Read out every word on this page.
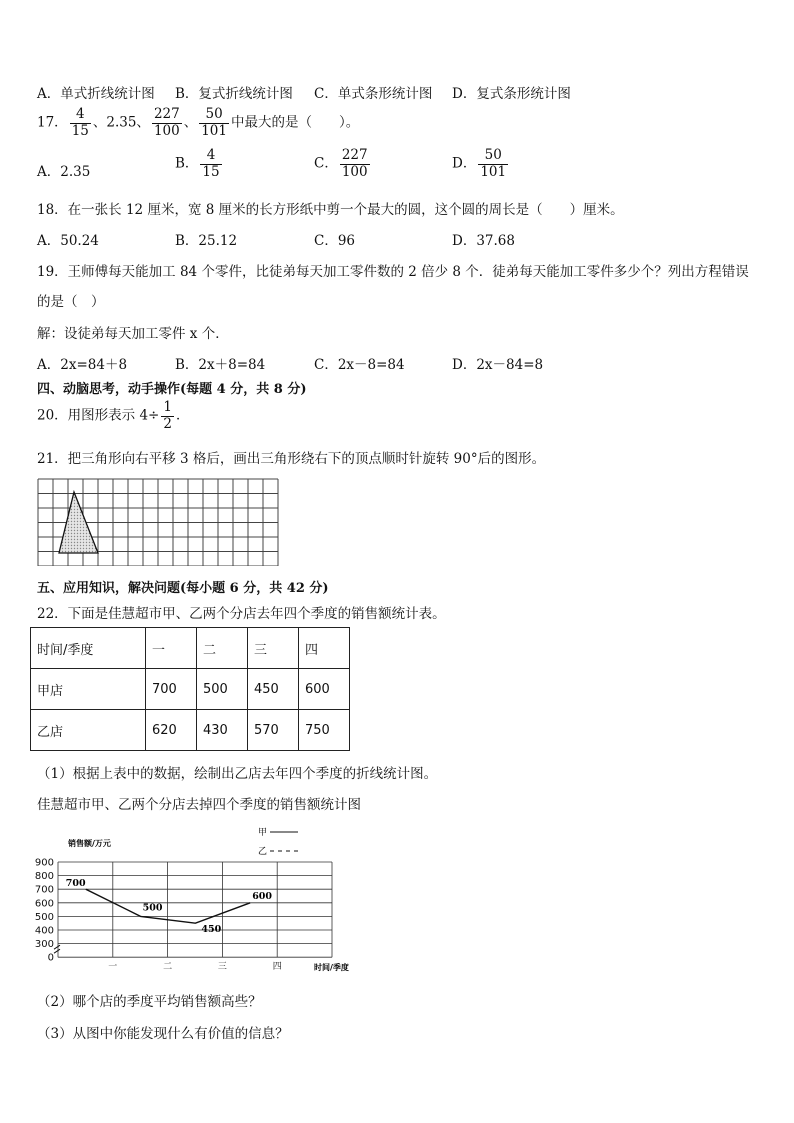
A．单式折线统计图 B．复式折线统计图 C．单式条形统计图 D．复式条形统计图
17． $\frac{4}{15}$ 、2.35、 $\frac{227}{100}$ 、 $\frac{50}{101}$ 中最大的是（　　）。
A．2.35
B． $\frac{4}{15}$	C． $\frac{227}{100}$	D． $\frac{50}{101}$
18．在一张长 12 厘米，宽 8 厘米的长方形纸中剪一个最大的圆，这个圆的周长是（　　）厘米。
A．50.24	B．25.12	C．96	D．37.68
19．王师傅每天能加工 84 个零件，比徒弟每天加工零件数的 2 倍少 8 个．徒弟每天能加工零件多少个？列出方程错误
的是（　）
解：设徒弟每天加工零件 x 个．
A．2x=84＋8	B．2x＋8=84	C．2x－8=84	D．2x－84=8
四、动脑思考，动手操作(每题 4 分，共 8 分)
20．用图形表示 $4\div \frac{1}{2}$ ．
21．把三角形向右平移 3 格后，画出三角形绕右下的顶点顺时针旋转 90°后的图形。
五、应用知识，解决问题(每小题 6 分，共 42 分)
22．下面是佳慧超市甲、乙两个分店去年四个季度的销售额统计表。
时间/季度	一	二	三	四
甲店	700	500	450	600
乙店	620	430	570	750
（1）根据上表中的数据，绘制出乙店去年四个季度的折线统计图。
佳慧超市甲、乙两个分店去掉四个季度的销售额统计图
900
800
700
600
500
400
300
0
一	二	三	四
700
500
450
600
销售额/万元
时间/季度
甲
乙
（2）哪个店的季度平均销售额高些？
（3）从图中你能发现什么有价值的信息？
